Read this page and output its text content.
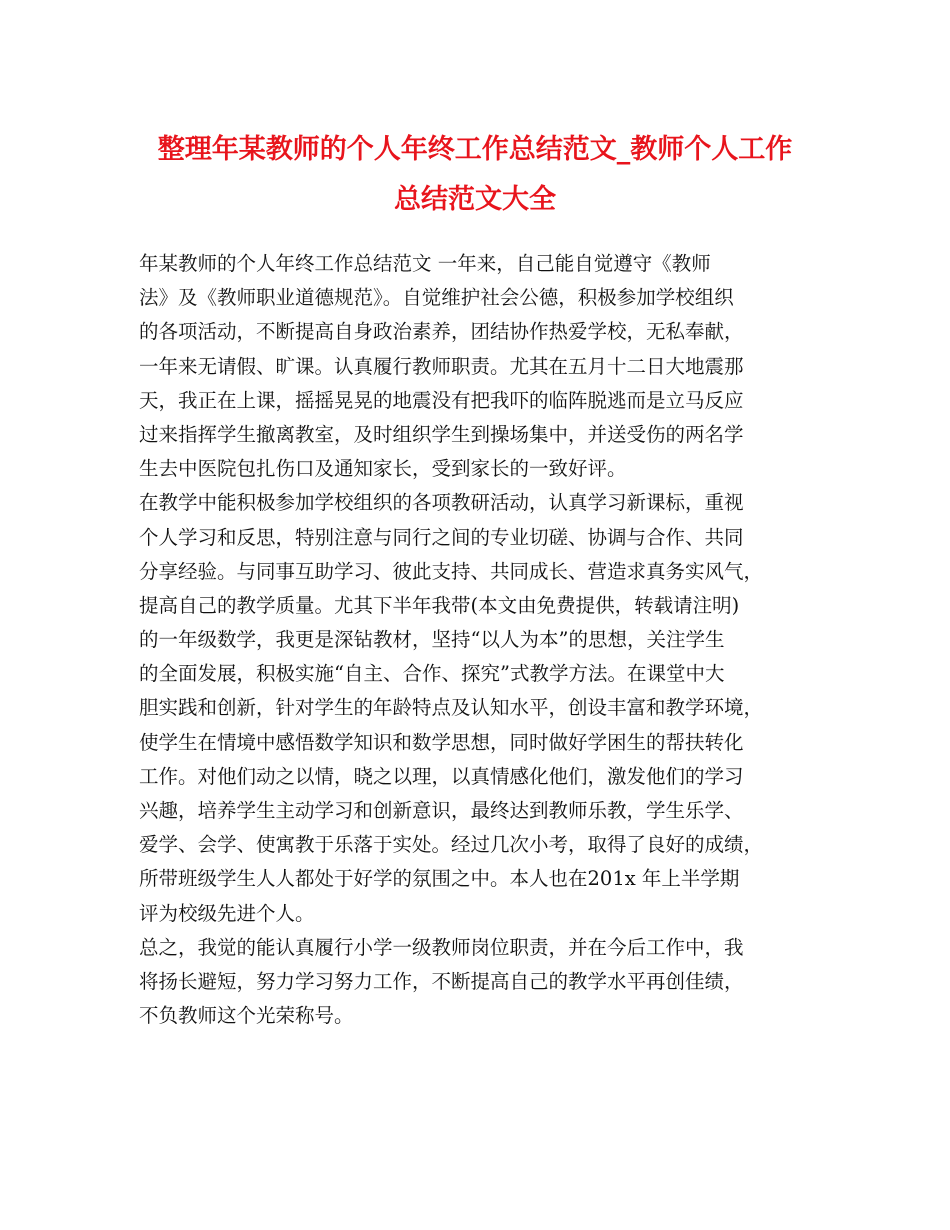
整理年某教师的个人年终工作总结范文_教师个人工作
总结范文大全
年某教师的个人年终工作总结范文 一年来，自己能自觉遵守《教师
法》及《教师职业道德规范》。自觉维护社会公德，积极参加学校组织
的各项活动，不断提高自身政治素养，团结协作热爱学校，无私奉献，
一年来无请假、旷课。认真履行教师职责。尤其在五月十二日大地震那
天，我正在上课，摇摇晃晃的地震没有把我吓的临阵脱逃而是立马反应
过来指挥学生撤离教室，及时组织学生到操场集中，并送受伤的两名学
生去中医院包扎伤口及通知家长，受到家长的一致好评。
在教学中能积极参加学校组织的各项教研活动，认真学习新课标，重视
个人学习和反思，特别注意与同行之间的专业切磋、协调与合作、共同
分享经验。与同事互助学习、彼此支持、共同成长、营造求真务实风气，
提高自己的教学质量。尤其下半年我带(本文由免费提供，转载请注明)
的一年级数学，我更是深钻教材，坚持“以人为本”的思想，关注学生
的全面发展，积极实施“自主、合作、探究”式教学方法。在课堂中大
胆实践和创新，针对学生的年龄特点及认知水平，创设丰富和教学环境，
使学生在情境中感悟数学知识和数学思想，同时做好学困生的帮扶转化
工作。对他们动之以情，晓之以理，以真情感化他们，激发他们的学习
兴趣，培养学生主动学习和创新意识，最终达到教师乐教，学生乐学、
爱学、会学、使寓教于乐落于实处。经过几次小考，取得了良好的成绩，
所带班级学生人人都处于好学的氛围之中。本人也在201x 年上半学期
评为校级先进个人。
总之，我觉的能认真履行小学一级教师岗位职责，并在今后工作中，我
将扬长避短，努力学习努力工作，不断提高自己的教学水平再创佳绩，
不负教师这个光荣称号。
